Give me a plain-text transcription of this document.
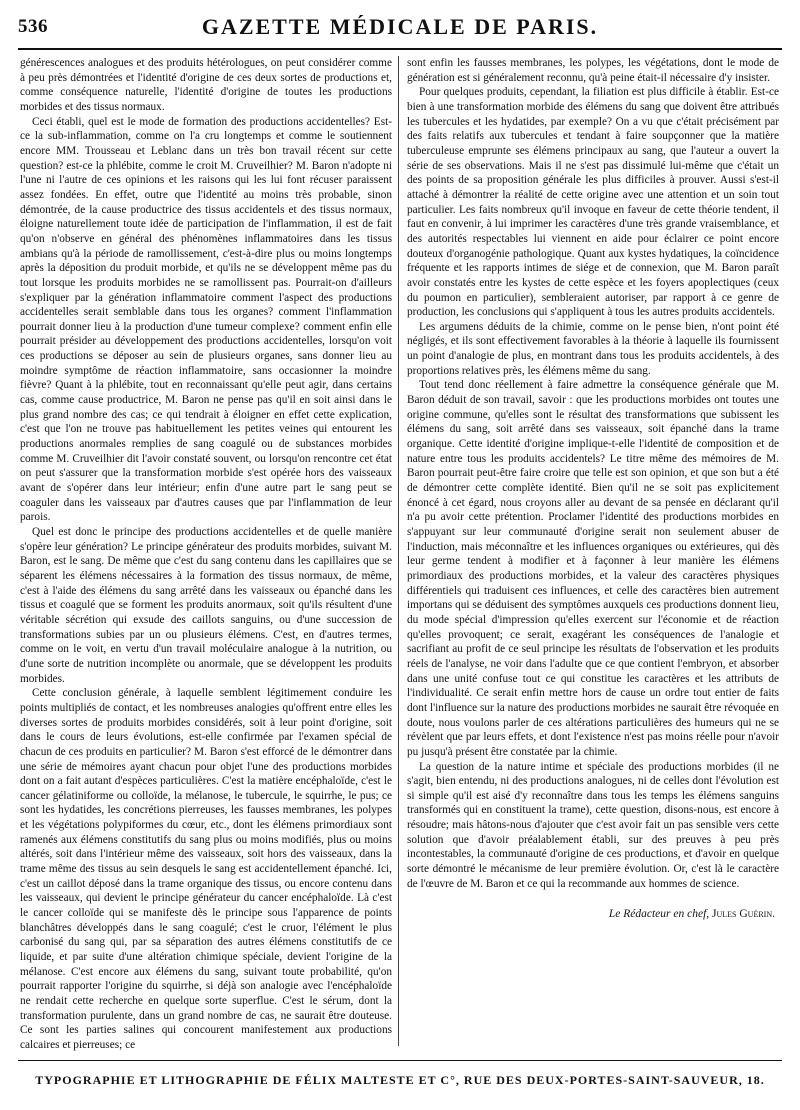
536	GAZETTE MÉDICALE DE PARIS.

générescences analogues et des produits hétérologues, on peut considérer comme à peu près démontrées et l'identité d'origine de ces deux sortes de productions et, comme conséquence naturelle, l'identité d'origine de toutes les productions morbides et des tissus normaux.

Ceci établi, quel est le mode de formation des productions accidentelles? Est-ce la sub-inflammation, comme on l'a cru longtemps et comme le soutiennent encore MM. Trousseau et Leblanc dans un très bon travail récent sur cette question? est-ce la phlébite, comme le croit M. Cruveilhier? M. Baron n'adopte ni l'une ni l'autre de ces opinions et les raisons qui les lui font récuser paraissent assez fondées. En effet, outre que l'identité au moins très probable, sinon démontrée, de la cause productrice des tissus accidentels et des tissus normaux, éloigne naturellement toute idée de participation de l'inflammation, il est de fait qu'on n'observe en général des phénomènes inflammatoires dans les tissus ambians qu'à la période de ramollissement, c'est-à-dire plus ou moins longtemps après la déposition du produit morbide, et qu'ils ne se développent même pas du tout lorsque les produits morbides ne se ramollissent pas. Pourrait-on d'ailleurs s'expliquer par la génération inflammatoire comment l'aspect des productions accidentelles serait semblable dans tous les organes? comment l'inflammation pourrait donner lieu à la production d'une tumeur complexe? comment enfin elle pourrait présider au développement des productions accidentelles, lorsqu'on voit ces productions se déposer au sein de plusieurs organes, sans donner lieu au moindre symptôme de réaction inflammatoire, sans occasionner la moindre fièvre? Quant à la phlébite, tout en reconnaissant qu'elle peut agir, dans certains cas, comme cause productrice, M. Baron ne pense pas qu'il en soit ainsi dans le plus grand nombre des cas; ce qui tendrait à éloigner en effet cette explication, c'est que l'on ne trouve pas habituellement les petites veines qui entourent les productions anormales remplies de sang coagulé ou de substances morbides comme M. Cruveilhier dit l'avoir constaté souvent, ou lorsqu'on rencontre cet état on peut s'assurer que la transformation morbide s'est opérée hors des vaisseaux avant de s'opérer dans leur intérieur; enfin d'une autre part le sang peut se coaguler dans les vaisseaux par d'autres causes que par l'inflammation de leur parois.

Quel est donc le principe des productions accidentelles et de quelle manière s'opère leur génération? Le principe générateur des produits morbides, suivant M. Baron, est le sang. De même que c'est du sang contenu dans les capillaires que se séparent les élémens nécessaires à la formation des tissus normaux, de même, c'est à l'aide des élémens du sang arrêté dans les vaisseaux ou épanché dans les tissus et coagulé que se forment les produits anormaux, soit qu'ils résultent d'une véritable sécrétion qui exsude des caillots sanguins, ou d'une succession de transformations subies par un ou plusieurs élémens. C'est, en d'autres termes, comme on le voit, en vertu d'un travail moléculaire analogue à la nutrition, ou d'une sorte de nutrition incomplète ou anormale, que se développent les produits morbides.

Cette conclusion générale, à laquelle semblent légitimement conduire les points multipliés de contact, et les nombreuses analogies qu'offrent entre elles les diverses sortes de produits morbides considérés, soit à leur point d'origine, soit dans le cours de leurs évolutions, est-elle confirmée par l'examen spécial de chacun de ces produits en particulier? M. Baron s'est efforcé de le démontrer dans une série de mémoires ayant chacun pour objet l'une des productions morbides dont on a fait autant d'espèces particulières. C'est la matière encéphaloïde, c'est le cancer gélatiniforme ou colloïde, la mélanose, le tubercule, le squirrhe, le pus; ce sont les hydatides, les concrétions pierreuses, les fausses membranes, les polypes et les végétations polypiformes du cœur, etc., dont les élémens primordiaux sont ramenés aux élémens constitutifs du sang plus ou moins modifiés, plus ou moins altérés, soit dans l'intérieur même des vaisseaux, soit hors des vaisseaux, dans la trame même des tissus au sein desquels le sang est accidentellement épanché. Ici, c'est un caillot déposé dans la trame organique des tissus, ou encore contenu dans les vaisseaux, qui devient le principe générateur du cancer encéphaloïde. Là c'est le cancer colloïde qui se manifeste dès le principe sous l'apparence de points blanchâtres développés dans le sang coagulé; c'est le cruor, l'élément le plus carbonisé du sang qui, par sa séparation des autres élémens constitutifs de ce liquide, et par suite d'une altération chimique spéciale, devient l'origine de la mélanose. C'est encore aux élémens du sang, suivant toute probabilité, qu'on pourrait rapporter l'origine du squirrhe, si déjà son analogie avec l'encéphaloïde ne rendait cette recherche en quelque sorte superflue. C'est le sérum, dont la transformation purulente, dans un grand nombre de cas, ne saurait être douteuse. Ce sont les parties salines qui concourent manifestement aux productions calcaires et pierreuses; ce

sont enfin les fausses membranes, les polypes, les végétations, dont le mode de génération est si généralement reconnu, qu'à peine était-il nécessaire d'y insister.

Pour quelques produits, cependant, la filiation est plus difficile à établir. Est-ce bien à une transformation morbide des élémens du sang que doivent être attribués les tubercules et les hydatides, par exemple? On a vu que c'était précisément par des faits relatifs aux tubercules et tendant à faire soupçonner que la matière tuberculeuse emprunte ses élémens principaux au sang, que l'auteur a ouvert la série de ses observations. Mais il ne s'est pas dissimulé lui-même que c'était un des points de sa proposition générale les plus difficiles à prouver. Aussi s'est-il attaché à démontrer la réalité de cette origine avec une attention et un soin tout particulier. Les faits nombreux qu'il invoque en faveur de cette théorie tendent, il faut en convenir, à lui imprimer les caractères d'une très grande vraisemblance, et des autorités respectables lui viennent en aide pour éclairer ce point encore douteux d'organogénie pathologique. Quant aux kystes hydatiques, la coïncidence fréquente et les rapports intimes de siége et de connexion, que M. Baron paraît avoir constatés entre les kystes de cette espèce et les foyers apoplectiques (ceux du poumon en particulier), sembleraient autoriser, par rapport à ce genre de production, les conclusions qui s'appliquent à tous les autres produits accidentels.

Les argumens déduits de la chimie, comme on le pense bien, n'ont point été négligés, et ils sont effectivement favorables à la théorie à laquelle ils fournissent un point d'analogie de plus, en montrant dans tous les produits accidentels, à des proportions relatives près, les élémens même du sang.

Tout tend donc réellement à faire admettre la conséquence générale que M. Baron déduit de son travail, savoir : que les productions morbides ont toutes une origine commune, qu'elles sont le résultat des transformations que subissent les élémens du sang, soit arrêté dans ses vaisseaux, soit épanché dans la trame organique. Cette identité d'origine implique-t-elle l'identité de composition et de nature entre tous les produits accidentels? Le titre même des mémoires de M. Baron pourrait peut-être faire croire que telle est son opinion, et que son but a été de démontrer cette complète identité. Bien qu'il ne se soit pas explicitement énoncé à cet égard, nous croyons aller au devant de sa pensée en déclarant qu'il n'a pu avoir cette prétention. Proclamer l'identité des productions morbides en s'appuyant sur leur communauté d'origine serait non seulement abuser de l'induction, mais méconnaître et les influences organiques ou extérieures, qui dès leur germe tendent à modifier et à façonner à leur manière les élémens primordiaux des productions morbides, et la valeur des caractères physiques différentiels qui traduisent ces influences, et celle des caractères bien autrement importans qui se déduisent des symptômes auxquels ces productions donnent lieu, du mode spécial d'impression qu'elles exercent sur l'économie et de réaction qu'elles provoquent; ce serait, exagérant les conséquences de l'analogie et sacrifiant au profit de ce seul principe les résultats de l'observation et les produits réels de l'analyse, ne voir dans l'adulte que ce que contient l'embryon, et absorber dans une unité confuse tout ce qui constitue les caractères et les attributs de l'individualité. Ce serait enfin mettre hors de cause un ordre tout entier de faits dont l'influence sur la nature des productions morbides ne saurait être révoquée en doute, nous voulons parler de ces altérations particulières des humeurs qui ne se révèlent que par leurs effets, et dont l'existence n'est pas moins réelle pour n'avoir pu jusqu'à présent être constatée par la chimie.

La question de la nature intime et spéciale des productions morbides (il ne s'agit, bien entendu, ni des productions analogues, ni de celles dont l'évolution est si simple qu'il est aisé d'y reconnaître dans tous les temps les élémens sanguins transformés qui en constituent la trame), cette question, disons-nous, est encore à résoudre; mais hâtons-nous d'ajouter que c'est avoir fait un pas sensible vers cette solution que d'avoir préalablement établi, sur des preuves à peu près incontestables, la communauté d'origine de ces productions, et d'avoir en quelque sorte démontré le mécanisme de leur première évolution. Or, c'est là le caractère de l'œuvre de M. Baron et ce qui la recommande aux hommes de science.

Le Rédacteur en chef, Jules Guérin.
TYPOGRAPHIE ET LITHOGRAPHIE DE FÉLIX MALTESTE ET C°, RUE DES DEUX-PORTES-SAINT-SAUVEUR, 18.
